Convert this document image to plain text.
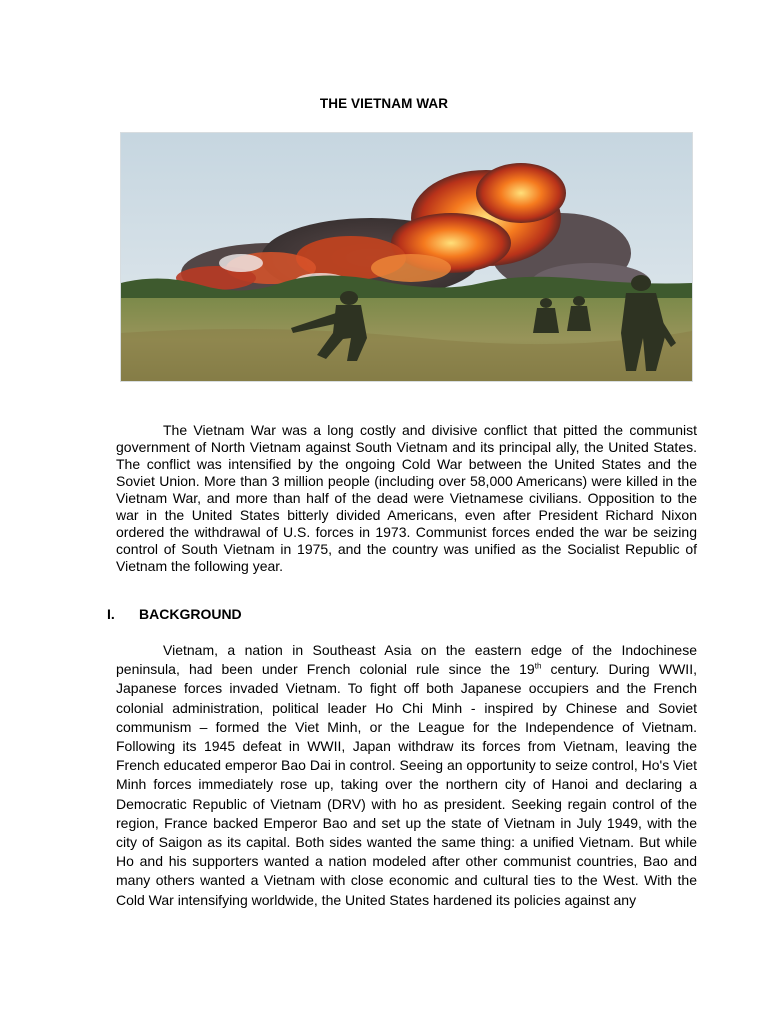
THE VIETNAM WAR

The Vietnam War was a long costly and divisive conflict that pitted the communist government of North Vietnam against South Vietnam and its principal ally, the United States. The conflict was intensified by the ongoing Cold War between the United States and the Soviet Union. More than 3 million people (including over 58,000 Americans) were killed in the Vietnam War, and more than half of the dead were Vietnamese civilians. Opposition to the war in the United States bitterly divided Americans, even after President Richard Nixon ordered the withdrawal of U.S. forces in 1973. Communist forces ended the war be seizing control of South Vietnam in 1975, and the country was unified as the Socialist Republic of Vietnam the following year.

I. BACKGROUND

Vietnam, a nation in Southeast Asia on the eastern edge of the Indochinese peninsula, had been under French colonial rule since the 19th century. During WWII, Japanese forces invaded Vietnam. To fight off both Japanese occupiers and the French colonial administration, political leader Ho Chi Minh - inspired by Chinese and Soviet communism – formed the Viet Minh, or the League for the Independence of Vietnam. Following its 1945 defeat in WWII, Japan withdraw its forces from Vietnam, leaving the French educated emperor Bao Dai in control. Seeing an opportunity to seize control, Ho's Viet Minh forces immediately rose up, taking over the northern city of Hanoi and declaring a Democratic Republic of Vietnam (DRV) with ho as president. Seeking regain control of the region, France backed Emperor Bao and set up the state of Vietnam in July 1949, with the city of Saigon as its capital. Both sides wanted the same thing: a unified Vietnam. But while Ho and his supporters wanted a nation modeled after other communist countries, Bao and many others wanted a Vietnam with close economic and cultural ties to the West. With the Cold War intensifying worldwide, the United States hardened its policies against any
